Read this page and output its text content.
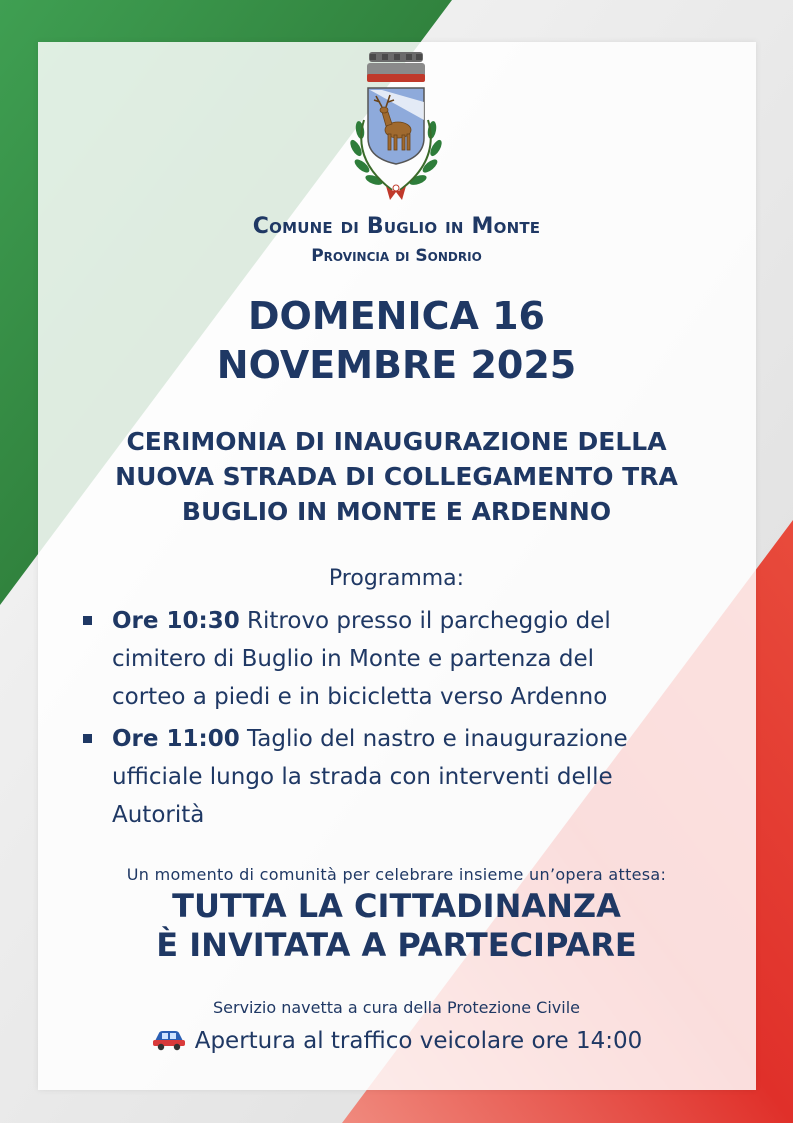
Comune di Buglio in Monte
Provincia di Sondrio
DOMENICA 16
NOVEMBRE 2025
CERIMONIA DI INAUGURAZIONE DELLA
NUOVA STRADA DI COLLEGAMENTO TRA
BUGLIO IN MONTE E ARDENNO
Programma:
Ore 10:30 Ritrovo presso il parcheggio del
cimitero di Buglio in Monte e partenza del
corteo a piedi e in bicicletta verso Ardenno
Ore 11:00 Taglio del nastro e inaugurazione
ufficiale lungo la strada con interventi delle
Autorità
Un momento di comunità per celebrare insieme un’opera attesa:
TUTTA LA CITTADINANZA
È INVITATA A PARTECIPARE
Servizio navetta a cura della Protezione Civile
Apertura al traffico veicolare ore 14:00
